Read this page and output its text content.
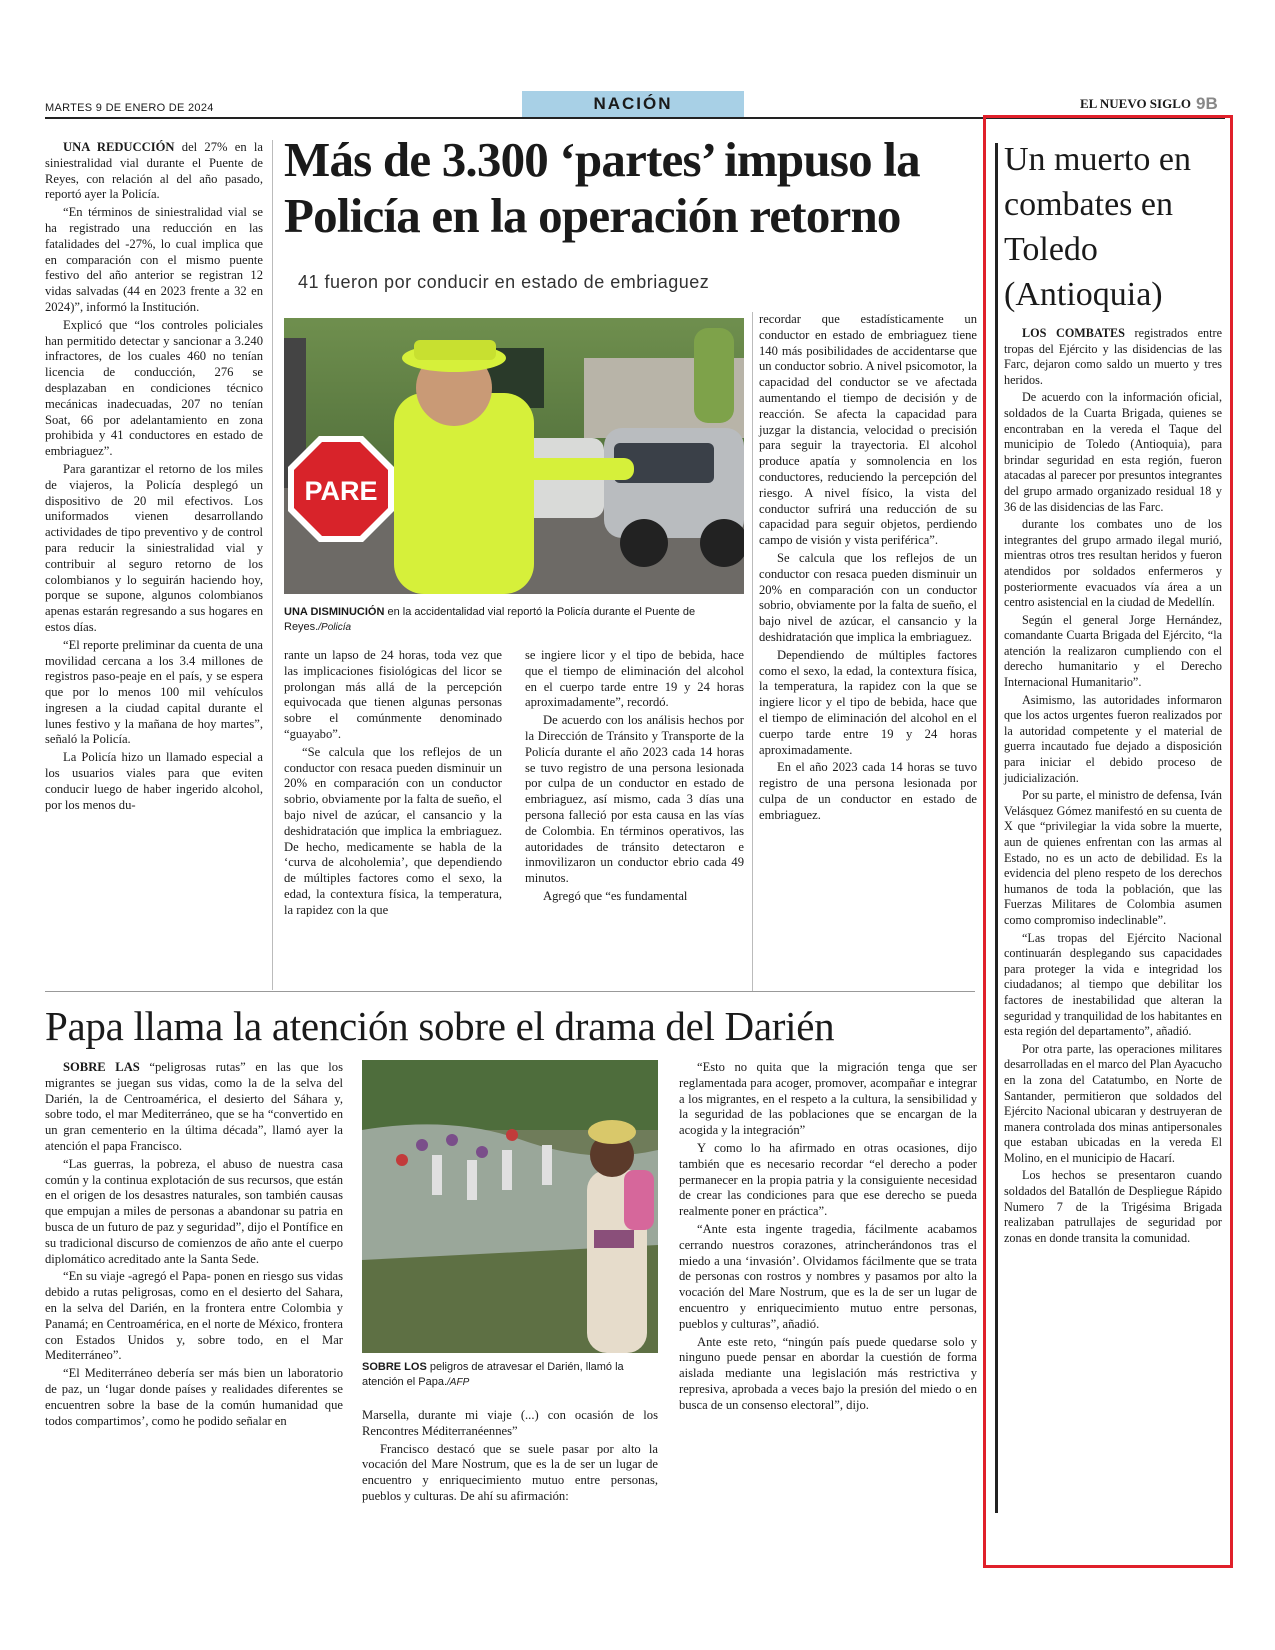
MARTES 9 DE ENERO DE 2024	NACIÓN	EL NUEVO SIGLO 9B

UNA REDUCCIÓN del 27% en la siniestralidad vial durante el Puente de Reyes, con relación al del año pasado, reportó ayer la Policía.

“En términos de siniestralidad vial se ha registrado una reducción en las fatalidades del -27%, lo cual implica que en comparación con el mismo puente festivo del año anterior se registran 12 vidas salvadas (44 en 2023 frente a 32 en 2024)”, informó la Institución.

Explicó que “los controles policiales han permitido detectar y sancionar a 3.240 infractores, de los cuales 460 no tenían licencia de conducción, 276 se desplazaban en condiciones técnico mecánicas inadecuadas, 207 no tenían Soat, 66 por adelantamiento en zona prohibida y 41 conductores en estado de embriaguez”.

Para garantizar el retorno de los miles de viajeros, la Policía desplegó un dispositivo de 20 mil efectivos. Los uniformados vienen desarrollando actividades de tipo preventivo y de control para reducir la siniestralidad vial y contribuir al seguro retorno de los colombianos y lo seguirán haciendo hoy, porque se supone, algunos colombianos apenas estarán regresando a sus hogares en estos días.

“El reporte preliminar da cuenta de una movilidad cercana a los 3.4 millones de registros paso-peaje en el país, y se espera que por lo menos 100 mil vehículos ingresen a la ciudad capital durante el lunes festivo y la mañana de hoy martes”, señaló la Policía.

La Policía hizo un llamado especial a los usuarios viales para que eviten conducir luego de haber ingerido alcohol, por los menos du-

Más de 3.300 ‘partes’ impuso la Policía en la operación retorno
41 fueron por conducir en estado de embriaguez
PARE
UNA DISMINUCIÓN en la accidentalidad vial reportó la Policía durante el Puente de Reyes./Policía

rante un lapso de 24 horas, toda vez que las implicaciones fisiológicas del licor se prolongan más allá de la percepción equivocada que tienen algunas personas sobre el comúnmente denominado “guayabo”.

“Se calcula que los reflejos de un conductor con resaca pueden disminuir un 20% en comparación con un conductor sobrio, obviamente por la falta de sueño, el bajo nivel de azúcar, el cansancio y la deshidratación que implica la embriaguez. De hecho, medicamente se habla de la ‘curva de alcoholemia’, que dependiendo de múltiples factores como el sexo, la edad, la contextura física, la temperatura, la rapidez con la que

se ingiere licor y el tipo de bebida, hace que el tiempo de eliminación del alcohol en el cuerpo tarde entre 19 y 24 horas aproximadamente”, recordó.

De acuerdo con los análisis hechos por la Dirección de Tránsito y Transporte de la Policía durante el año 2023 cada 14 horas se tuvo registro de una persona lesionada por culpa de un conductor en estado de embriaguez, así mismo, cada 3 días una persona falleció por esta causa en las vías de Colombia. En términos operativos, las autoridades de tránsito detectaron e inmovilizaron un conductor ebrio cada 49 minutos.

Agregó que “es fundamental

recordar que estadísticamente un conductor en estado de embriaguez tiene 140 más posibilidades de accidentarse que un conductor sobrio. A nivel psicomotor, la capacidad del conductor se ve afectada aumentando el tiempo de decisión y de reacción. Se afecta la capacidad para juzgar la distancia, velocidad o precisión para seguir la trayectoria. El alcohol produce apatía y somnolencia en los conductores, reduciendo la percepción del riesgo. A nivel físico, la vista del conductor sufrirá una reducción de su capacidad para seguir objetos, perdiendo campo de visión y vista periférica”.

Se calcula que los reflejos de un conductor con resaca pueden disminuir un 20% en comparación con un conductor sobrio, obviamente por la falta de sueño, el bajo nivel de azúcar, el cansancio y la deshidratación que implica la embriaguez.

Dependiendo de múltiples factores como el sexo, la edad, la contextura física, la temperatura, la rapidez con la que se ingiere licor y el tipo de bebida, hace que el tiempo de eliminación del alcohol en el cuerpo tarde entre 19 y 24 horas aproximadamente.

En el año 2023 cada 14 horas se tuvo registro de una persona lesionada por culpa de un conductor en estado de embriaguez.

Papa llama la atención sobre el drama del Darién

SOBRE LAS “peligrosas rutas” en las que los migrantes se juegan sus vidas, como la de la selva del Darién, la de Centroamérica, el desierto del Sáhara y, sobre todo, el mar Mediterráneo, que se ha “convertido en un gran cementerio en la última década”, llamó ayer la atención el papa Francisco.

“Las guerras, la pobreza, el abuso de nuestra casa común y la continua explotación de sus recursos, que están en el origen de los desastres naturales, son también causas que empujan a miles de personas a abandonar su patria en busca de un futuro de paz y seguridad”, dijo el Pontífice en su tradicional discurso de comienzos de año ante el cuerpo diplomático acreditado ante la Santa Sede.

“En su viaje -agregó el Papa- ponen en riesgo sus vidas debido a rutas peligrosas, como en el desierto del Sahara, en la selva del Darién, en la frontera entre Colombia y Panamá; en Centroamérica, en el norte de México, frontera con Estados Unidos y, sobre todo, en el Mar Mediterráneo”.

“El Mediterráneo debería ser más bien un laboratorio de paz, un ‘lugar donde países y realidades diferentes se encuentren sobre la base de la común humanidad que todos compartimos’, como he podido señalar en

SOBRE LOS peligros de atravesar el Darién, llamó la atención el Papa./AFP

Marsella, durante mi viaje (...) con ocasión de los Rencontres Méditerranéennes”

Francisco destacó que se suele pasar por alto la vocación del Mare Nostrum, que es la de ser un lugar de encuentro y enriquecimiento mutuo entre personas, pueblos y culturas. De ahí su afirmación:

“Esto no quita que la migración tenga que ser reglamentada para acoger, promover, acompañar e integrar a los migrantes, en el respeto a la cultura, la sensibilidad y la seguridad de las poblaciones que se encargan de la acogida y la integración”

Y como lo ha afirmado en otras ocasiones, dijo también que es necesario recordar “el derecho a poder permanecer en la propia patria y la consiguiente necesidad de crear las condiciones para que ese derecho se pueda realmente poner en práctica”.

“Ante esta ingente tragedia, fácilmente acabamos cerrando nuestros corazones, atrincherándonos tras el miedo a una ‘invasión’. Olvidamos fácilmente que se trata de personas con rostros y nombres y pasamos por alto la vocación del Mare Nostrum, que es la de ser un lugar de encuentro y enriquecimiento mutuo entre personas, pueblos y culturas”, añadió.

Ante este reto, “ningún país puede quedarse solo y ninguno puede pensar en abordar la cuestión de forma aislada mediante una legislación más restrictiva y represiva, aprobada a veces bajo la presión del miedo o en busca de un consenso electoral”, dijo.

Un muerto en combates en Toledo (Antioquia)

LOS COMBATES registrados entre tropas del Ejército y las disidencias de las Farc, dejaron como saldo un muerto y tres heridos.

De acuerdo con la información oficial, soldados de la Cuarta Brigada, quienes se encontraban en la vereda el Taque del municipio de Toledo (Antioquia), para brindar seguridad en esta región, fueron atacadas al parecer por presuntos integrantes del grupo armado organizado residual 18 y 36 de las disidencias de las Farc.

durante los combates uno de los integrantes del grupo armado ilegal murió, mientras otros tres resultan heridos y fueron atendidos por soldados enfermeros y posteriormente evacuados vía área a un centro asistencial en la ciudad de Medellín.

Según el general Jorge Hernández, comandante Cuarta Brigada del Ejército, “la atención la realizaron cumpliendo con el derecho humanitario y el Derecho Internacional Humanitario”.

Asimismo, las autoridades informaron que los actos urgentes fueron realizados por la autoridad competente y el material de guerra incautado fue dejado a disposición para iniciar el debido proceso de judicialización.

Por su parte, el ministro de defensa, Iván Velásquez Gómez manifestó en su cuenta de X que “privilegiar la vida sobre la muerte, aun de quienes enfrentan con las armas al Estado, no es un acto de debilidad. Es la evidencia del pleno respeto de los derechos humanos de toda la población, que las Fuerzas Militares de Colombia asumen como compromiso indeclinable”.

“Las tropas del Ejército Nacional continuarán desplegando sus capacidades para proteger la vida e integridad los ciudadanos; al tiempo que debilitar los factores de inestabilidad que alteran la seguridad y tranquilidad de los habitantes en esta región del departamento”, añadió.

Por otra parte, las operaciones militares desarrolladas en el marco del Plan Ayacucho en la zona del Catatumbo, en Norte de Santander, permitieron que soldados del Ejército Nacional ubicaran y destruyeran de manera controlada dos minas antipersonales que estaban ubicadas en la vereda El Molino, en el municipio de Hacarí.

Los hechos se presentaron cuando soldados del Batallón de Despliegue Rápido Numero 7 de la Trigésima Brigada realizaban patrullajes de seguridad por zonas en donde transita la comunidad.
